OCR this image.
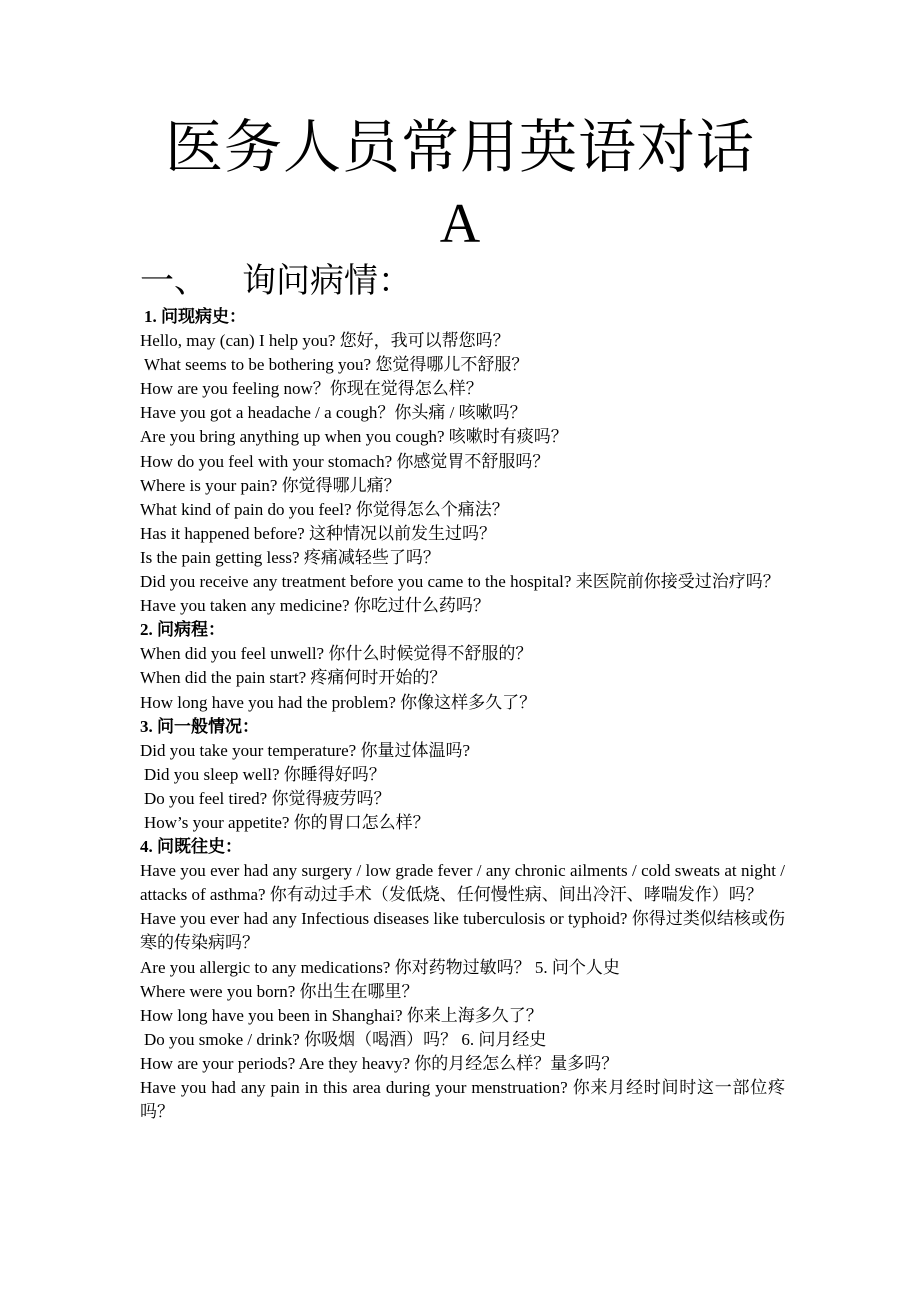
医务人员常用英语对话
A
一、 询问病情：

1. 问现病史：

Hello, may (can) I help you? 您好，我可以帮您吗？

What seems to be bothering you? 您觉得哪儿不舒服？

How are you feeling now？你现在觉得怎么样？

Have you got a headache / a cough？你头痛 / 咳嗽吗？

Are you bring anything up when you cough? 咳嗽时有痰吗？

How do you feel with your stomach? 你感觉胃不舒服吗？

Where is your pain? 你觉得哪儿痛？

What kind of pain do you feel? 你觉得怎么个痛法？

Has it happened before? 这种情况以前发生过吗？

Is the pain getting less? 疼痛减轻些了吗？

Did you receive any treatment before you came to the hospital? 来医院前你接受过治疗吗？

Have you taken any medicine? 你吃过什么药吗？

2. 问病程：

When did you feel unwell? 你什么时候觉得不舒服的？

When did the pain start? 疼痛何时开始的？

How long have you had the problem? 你像这样多久了？

3. 问一般情况：

Did you take your temperature? 你量过体温吗?

Did you sleep well? 你睡得好吗？

Do you feel tired? 你觉得疲劳吗？

How’s your appetite? 你的胃口怎么样？

4. 问既往史：

Have you ever had any surgery / low grade fever / any chronic ailments / cold sweats at night / attacks of asthma? 你有动过手术（发低烧、任何慢性病、间出冷汗、哮喘发作）吗？

Have you ever had any Infectious diseases like tuberculosis or typhoid? 你得过类似结核或伤寒的传染病吗？

Are you allergic to any medications? 你对药物过敏吗？ 5. 问个人史

Where were you born? 你出生在哪里？

How long have you been in Shanghai? 你来上海多久了？

Do you smoke / drink? 你吸烟（喝酒）吗？ 6. 问月经史

How are your periods? Are they heavy? 你的月经怎么样？量多吗？

Have you had any pain in this area during your menstruation? 你来月经时间时这一部位疼吗？
